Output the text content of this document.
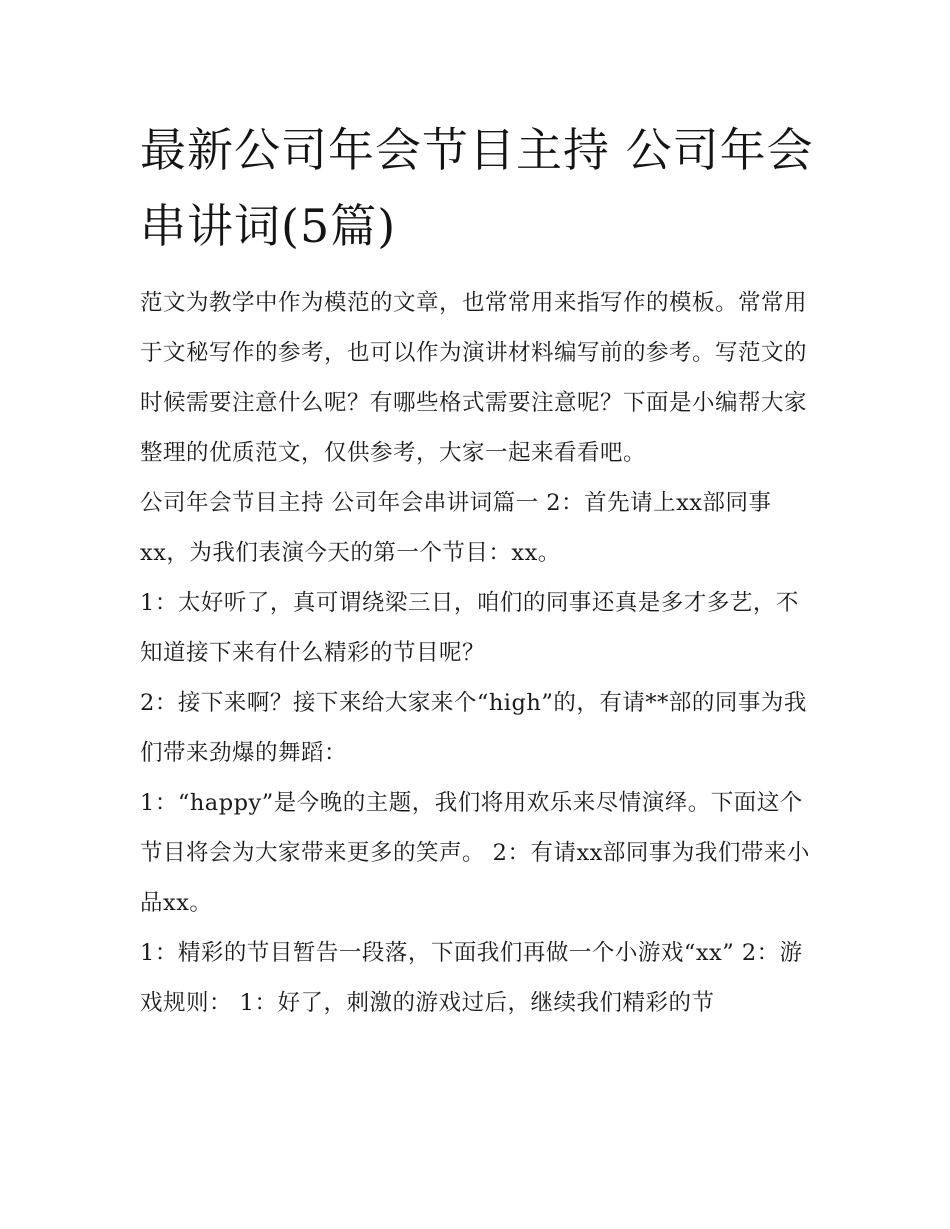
最新公司年会节目主持 公司年会串讲词(5篇)

范文为教学中作为模范的文章，也常常用来指写作的模板。常常用于文秘写作的参考，也可以作为演讲材料编写前的参考。写范文的时候需要注意什么呢？有哪些格式需要注意呢？下面是小编帮大家整理的优质范文，仅供参考，大家一起来看看吧。

公司年会节目主持 公司年会串讲词篇一 2：首先请上xx部同事xx，为我们表演今天的第一个节目：xx。

1：太好听了，真可谓绕梁三日，咱们的同事还真是多才多艺，不知道接下来有什么精彩的节目呢？

2：接下来啊？接下来给大家来个“high”的，有请**部的同事为我们带来劲爆的舞蹈：

1：“happy”是今晚的主题，我们将用欢乐来尽情演绎。下面这个节目将会为大家带来更多的笑声。 2：有请xx部同事为我们带来小品xx。

1：精彩的节目暂告一段落，下面我们再做一个小游戏“xx” 2：游戏规则： 1：好了，刺激的游戏过后，继续我们精彩的节
